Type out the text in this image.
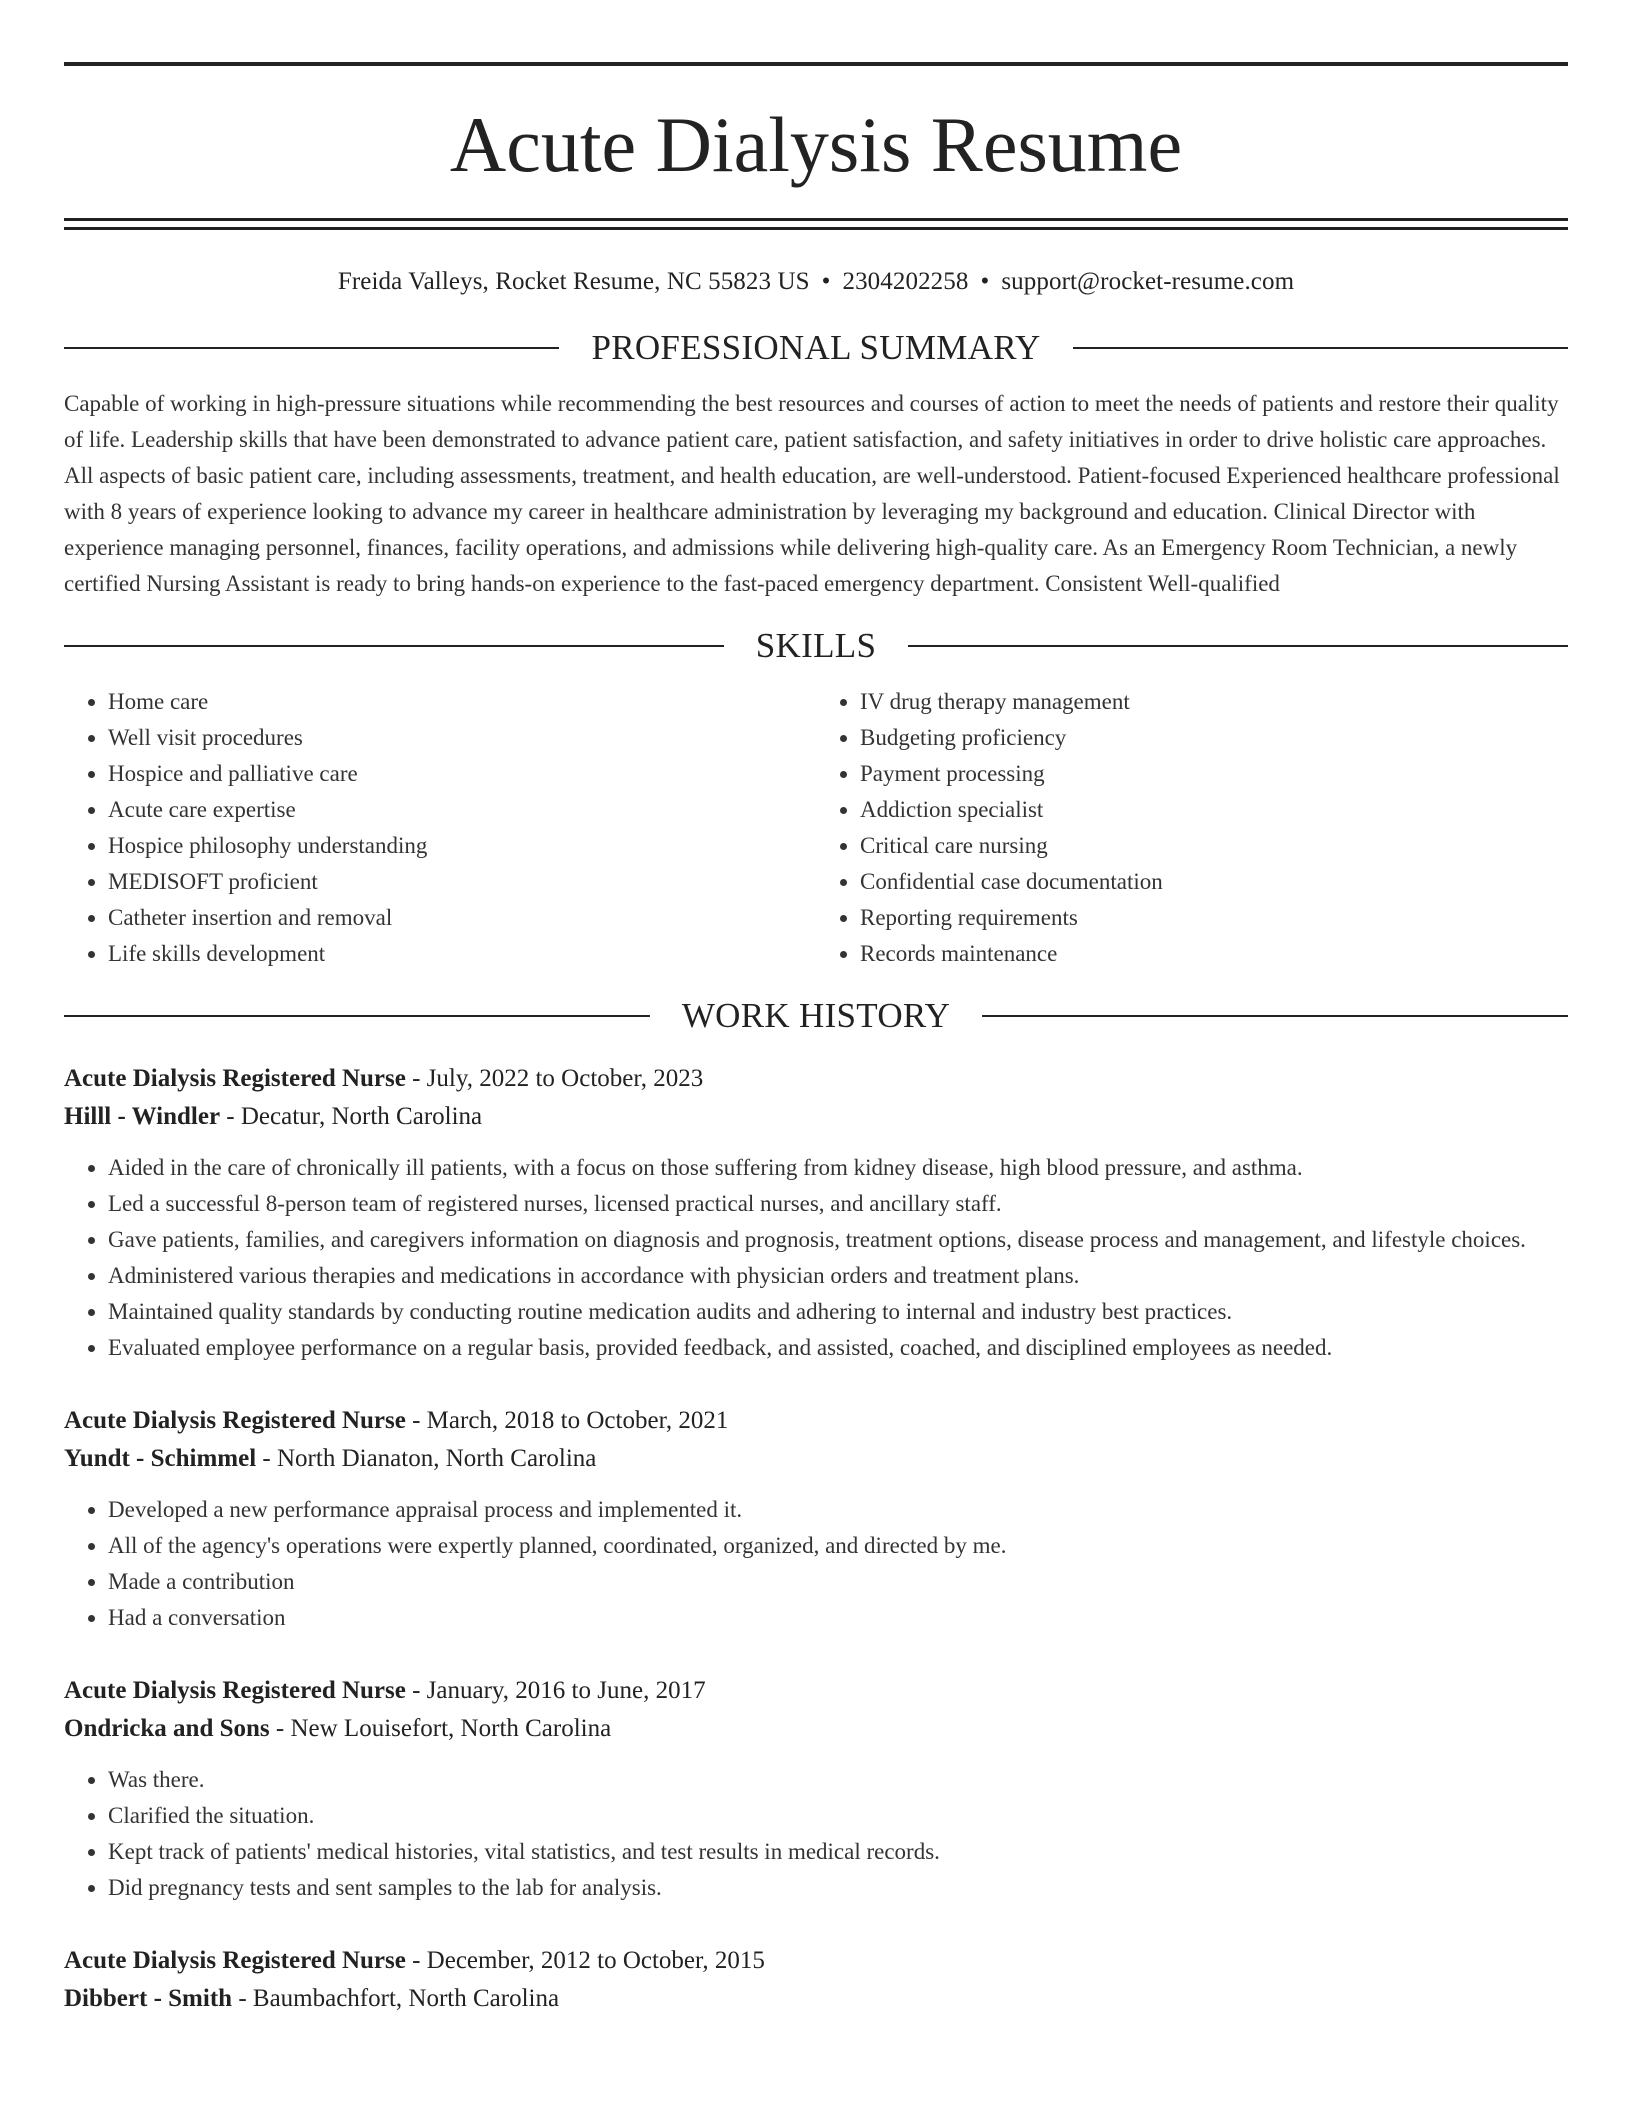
Acute Dialysis Resume
Freida Valleys, Rocket Resume, NC 55823 US • 2304202258 • support@rocket-resume.com
PROFESSIONAL SUMMARY

Capable of working in high-pressure situations while recommending the best resources and courses of action to meet the needs of patients and restore their quality of life. Leadership skills that have been demonstrated to advance patient care, patient satisfaction, and safety initiatives in order to drive holistic care approaches. All aspects of basic patient care, including assessments, treatment, and health education, are well-understood. Patient-focused Experienced healthcare professional with 8 years of experience looking to advance my career in healthcare administration by leveraging my background and education. Clinical Director with experience managing personnel, finances, facility operations, and admissions while delivering high-quality care. As an Emergency Room Technician, a newly certified Nursing Assistant is ready to bring hands-on experience to the fast-paced emergency department. Consistent Well-qualified

SKILLS
• Home care
• Well visit procedures
• Hospice and palliative care
• Acute care expertise
• Hospice philosophy understanding
• MEDISOFT proficient
• Catheter insertion and removal
• Life skills development
• IV drug therapy management
• Budgeting proficiency
• Payment processing
• Addiction specialist
• Critical care nursing
• Confidential case documentation
• Reporting requirements
• Records maintenance
WORK HISTORY
Acute Dialysis Registered Nurse - July, 2022 to October, 2023
Hilll - Windler - Decatur, North Carolina
• Aided in the care of chronically ill patients, with a focus on those suffering from kidney disease, high blood pressure, and asthma.
• Led a successful 8-person team of registered nurses, licensed practical nurses, and ancillary staff.
• Gave patients, families, and caregivers information on diagnosis and prognosis, treatment options, disease process and management, and lifestyle choices.
• Administered various therapies and medications in accordance with physician orders and treatment plans.
• Maintained quality standards by conducting routine medication audits and adhering to internal and industry best practices.
• Evaluated employee performance on a regular basis, provided feedback, and assisted, coached, and disciplined employees as needed.
Acute Dialysis Registered Nurse - March, 2018 to October, 2021
Yundt - Schimmel - North Dianaton, North Carolina
• Developed a new performance appraisal process and implemented it.
• All of the agency's operations were expertly planned, coordinated, organized, and directed by me.
• Made a contribution
• Had a conversation
Acute Dialysis Registered Nurse - January, 2016 to June, 2017
Ondricka and Sons - New Louisefort, North Carolina
• Was there.
• Clarified the situation.
• Kept track of patients' medical histories, vital statistics, and test results in medical records.
• Did pregnancy tests and sent samples to the lab for analysis.
Acute Dialysis Registered Nurse - December, 2012 to October, 2015
Dibbert - Smith - Baumbachfort, North Carolina
